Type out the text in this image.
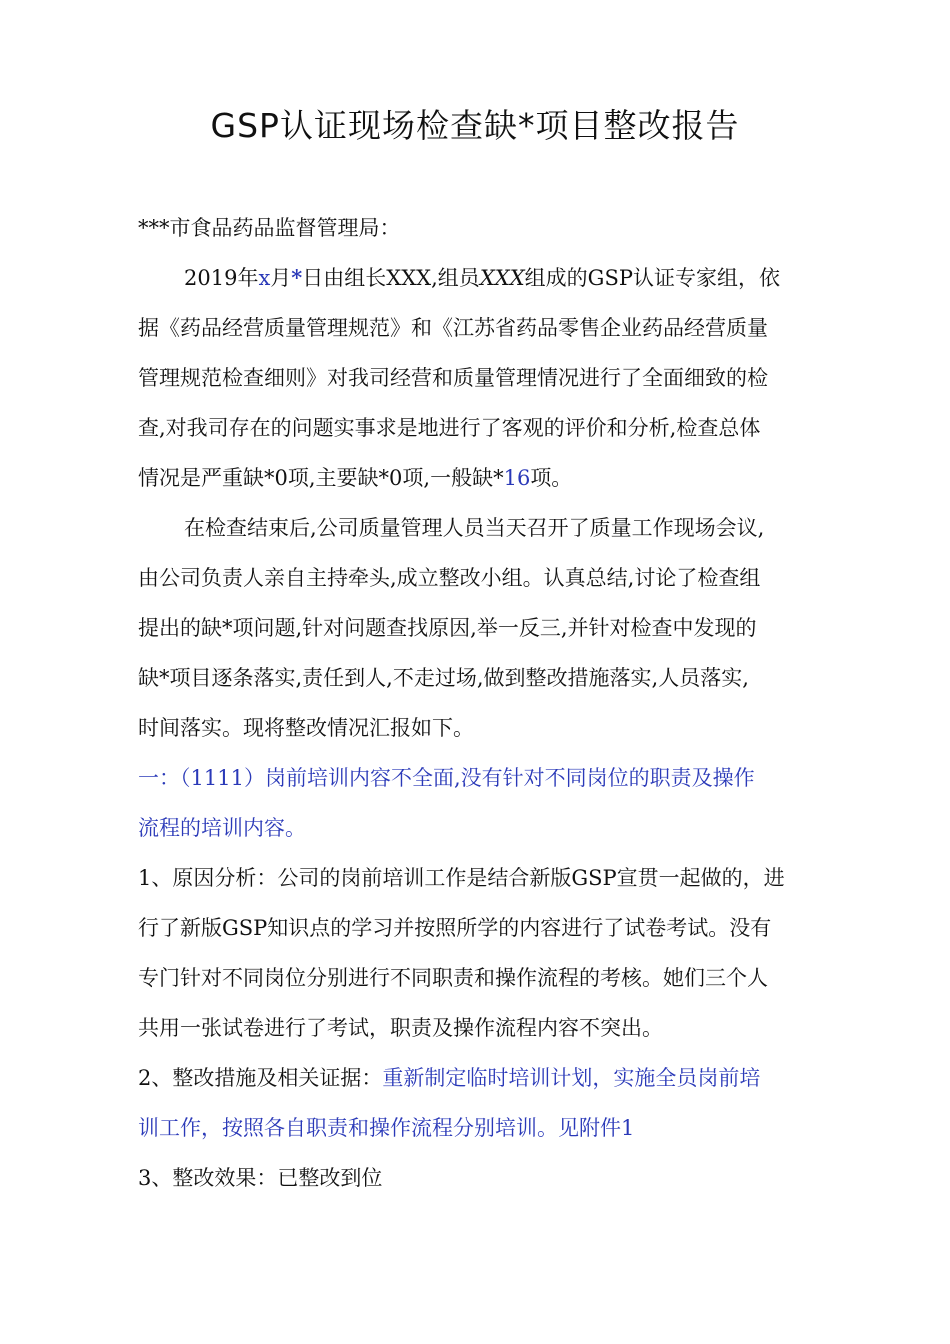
GSP认证现场检查缺*项目整改报告
***市食品药品监督管理局：
2019年x月*日由组长XXX,组员XXX组成的GSP认证专家组，依
据《药品经营质量管理规范》和《江苏省药品零售企业药品经营质量
管理规范检查细则》对我司经营和质量管理情况进行了全面细致的检
查,对我司存在的问题实事求是地进行了客观的评价和分析,检查总体
情况是严重缺*0项,主要缺*0项,一般缺*16项。
在检查结束后,公司质量管理人员当天召开了质量工作现场会议,
由公司负责人亲自主持牵头,成立整改小组。认真总结,讨论了检查组
提出的缺*项问题,针对问题查找原因,举一反三,并针对检查中发现的
缺*项目逐条落实,责任到人,不走过场,做到整改措施落实,人员落实,
时间落实。现将整改情况汇报如下。
一：（1111）岗前培训内容不全面,没有针对不同岗位的职责及操作
流程的培训内容。
1、原因分析：公司的岗前培训工作是结合新版GSP宣贯一起做的，进
行了新版GSP知识点的学习并按照所学的内容进行了试卷考试。没有
专门针对不同岗位分别进行不同职责和操作流程的考核。她们三个人
共用一张试卷进行了考试，职责及操作流程内容不突出。
2、整改措施及相关证据：重新制定临时培训计划，实施全员岗前培
训工作，按照各自职责和操作流程分别培训。见附件1
3、整改效果：已整改到位
